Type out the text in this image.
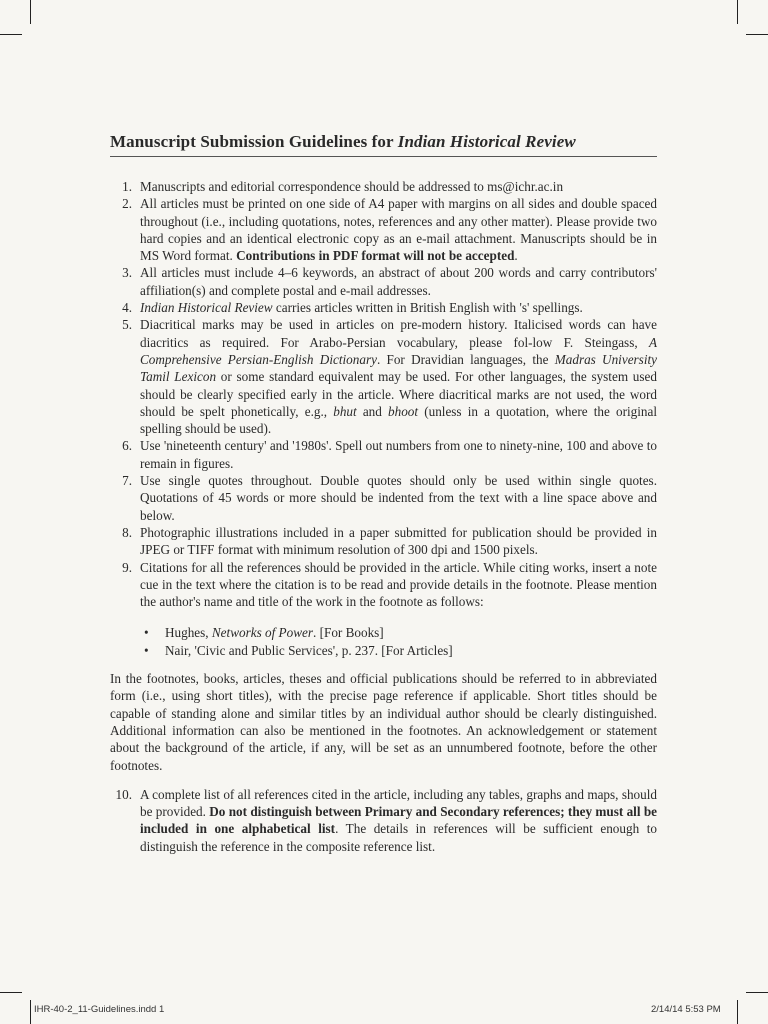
Manuscript Submission Guidelines for Indian Historical Review
1. Manuscripts and editorial correspondence should be addressed to ms@ichr.ac.in
2. All articles must be printed on one side of A4 paper with margins on all sides and double spaced throughout (i.e., including quotations, notes, references and any other matter). Please provide two hard copies and an identical electronic copy as an e-mail attachment. Manuscripts should be in MS Word format. Contributions in PDF format will not be accepted.
3. All articles must include 4–6 keywords, an abstract of about 200 words and carry contributors' affiliation(s) and complete postal and e-mail addresses.
4. Indian Historical Review carries articles written in British English with 's' spellings.
5. Diacritical marks may be used in articles on pre-modern history. Italicised words can have diacritics as required. For Arabo-Persian vocabulary, please fol-low F. Steingass, A Comprehensive Persian-English Dictionary. For Dravidian languages, the Madras University Tamil Lexicon or some standard equivalent may be used. For other languages, the system used should be clearly specified early in the article. Where diacritical marks are not used, the word should be spelt phonetically, e.g., bhut and bhoot (unless in a quotation, where the original spelling should be used).
6. Use 'nineteenth century' and '1980s'. Spell out numbers from one to ninety-nine, 100 and above to remain in figures.
7. Use single quotes throughout. Double quotes should only be used within single quotes. Quotations of 45 words or more should be indented from the text with a line space above and below.
8. Photographic illustrations included in a paper submitted for publication should be provided in JPEG or TIFF format with minimum resolution of 300 dpi and 1500 pixels.
9. Citations for all the references should be provided in the article. While citing works, insert a note cue in the text where the citation is to be read and provide details in the footnote. Please mention the author's name and title of the work in the footnote as follows:
• Hughes, Networks of Power. [For Books]
• Nair, 'Civic and Public Services', p. 237. [For Articles]

In the footnotes, books, articles, theses and official publications should be referred to in abbreviated form (i.e., using short titles), with the precise page reference if applicable. Short titles should be capable of standing alone and similar titles by an individual author should be clearly distinguished. Additional information can also be mentioned in the footnotes. An acknowledgement or statement about the background of the article, if any, will be set as an unnumbered footnote, before the other footnotes.

10. A complete list of all references cited in the article, including any tables, graphs and maps, should be provided. Do not distinguish between Primary and Secondary references; they must all be included in one alphabetical list. The details in references will be sufficient enough to distinguish the reference in the composite reference list.
IHR-40-2_11-Guidelines.indd 1	2/14/14 5:53 PM
